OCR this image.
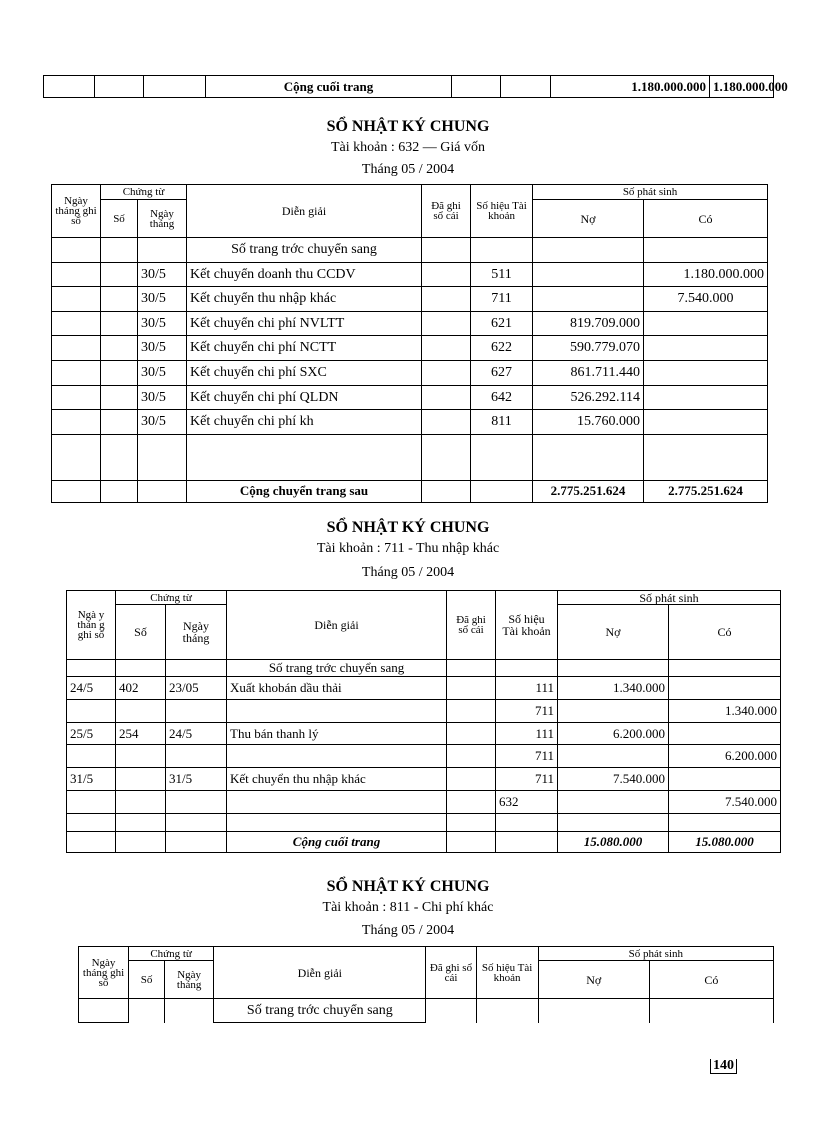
			Cộng cuối trang			1.180.000.000	1.180.000.000
SỔ NHẬT KÝ CHUNG
Tài khoản : 632 — Giá vốn
Tháng 05 / 2004
Ngày tháng ghi sổ	Chứng từ		Diễn giải	Đã ghi sổ cái	Số hiệu Tài khoản	Số phát sinh	
	Số	Ngày tháng				Nợ	Có
			Số trang trớc chuyển sang				
		30/5	Kết chuyển doanh thu CCDV		511		1.180.000.000
		30/5	Kết chuyển thu nhập khác		711		7.540.000
		30/5	Kết chuyển chi phí NVLTT		621	819.709.000	
		30/5	Kết chuyển chi phí NCTT		622	590.779.070	
		30/5	Kết chuyển chi phí SXC		627	861.711.440	
		30/5	Kết chuyển chi phí QLDN		642	526.292.114	
		30/5	Kết chuyển chi phí kh		811	15.760.000	

			Cộng chuyển trang sau			2.775.251.624	2.775.251.624
SỔ NHẬT KÝ CHUNG
Tài khoản : 711 - Thu nhập khác
Tháng 05 / 2004
Ngà y thán g ghi sổ	Chứng từ		Diễn giải	Đã ghi sổ cái	Số hiệu Tài khoản	Số phát sinh	
	Số	Ngày tháng				Nợ	Có
			Số trang trớc chuyển sang				
24/5	402	23/05	Xuất khobán dầu thải		111	1.340.000	
					711		1.340.000
25/5	254	24/5	Thu bán thanh lý		111	6.200.000	
					711		6.200.000
31/5		31/5	Kết chuyển thu nhập khác		711	7.540.000	
					632		7.540.000

			Cộng cuối trang			15.080.000	15.080.000
SỔ NHẬT KÝ CHUNG
Tài khoản : 811 - Chi phí khác
Tháng 05 / 2004
Ngày tháng ghi sổ	Chứng từ		Diễn giải	Đã ghi sổ cái	Số hiệu Tài khoản	Số phát sinh	
	Số	Ngày tháng				Nợ	Có
			Số trang trớc chuyển sang				
140
